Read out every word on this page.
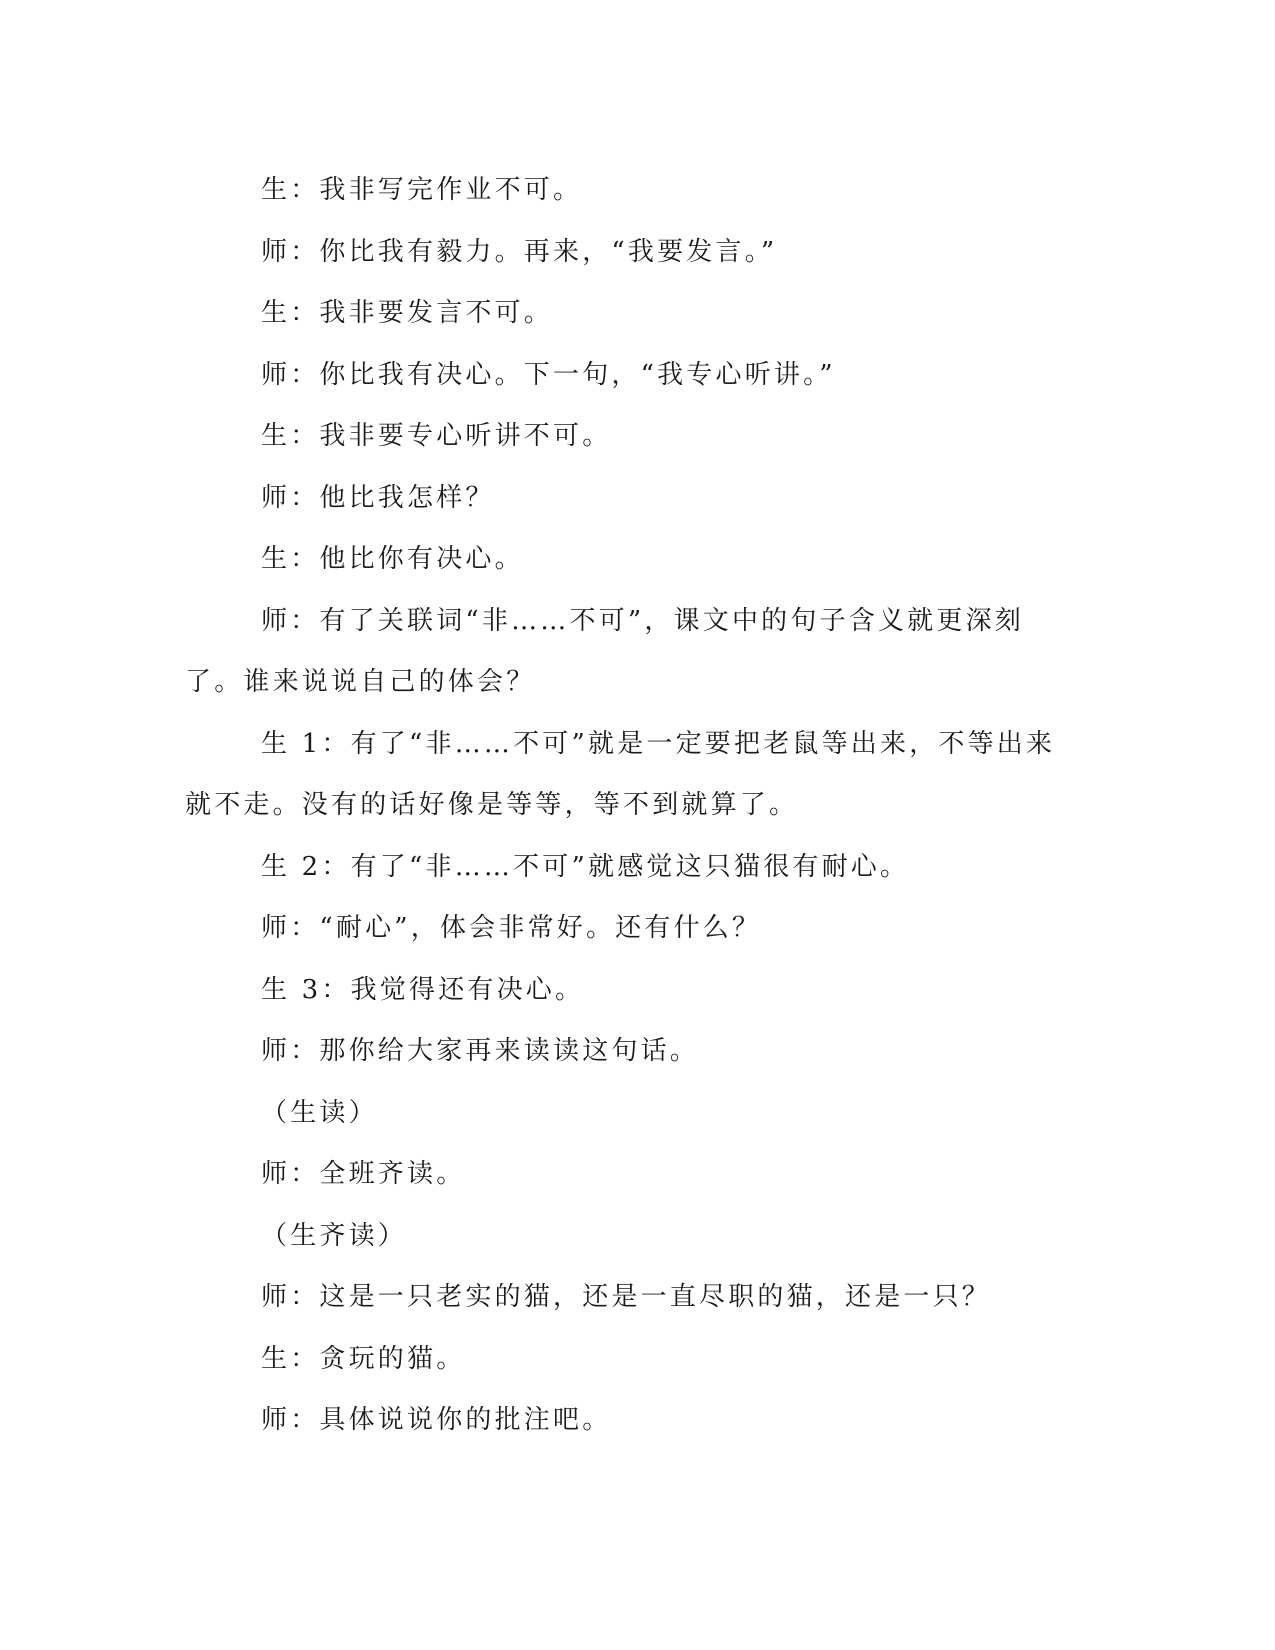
生：我非写完作业不可。

师：你比我有毅力。再来，“我要发言。”

生：我非要发言不可。

师：你比我有决心。下一句，“我专心听讲。”

生：我非要专心听讲不可。

师：他比我怎样？

生：他比你有决心。

师：有了关联词“非……不可”，课文中的句子含义就更深刻了。谁来说说自己的体会？

生 1：有了“非……不可”就是一定要把老鼠等出来，不等出来就不走。没有的话好像是等等，等不到就算了。

生 2：有了“非……不可”就感觉这只猫很有耐心。

师：“耐心”，体会非常好。还有什么？

生 3：我觉得还有决心。

师：那你给大家再来读读这句话。

（生读）

师：全班齐读。

（生齐读）

师：这是一只老实的猫，还是一直尽职的猫，还是一只？

生：贪玩的猫。

师：具体说说你的批注吧。
